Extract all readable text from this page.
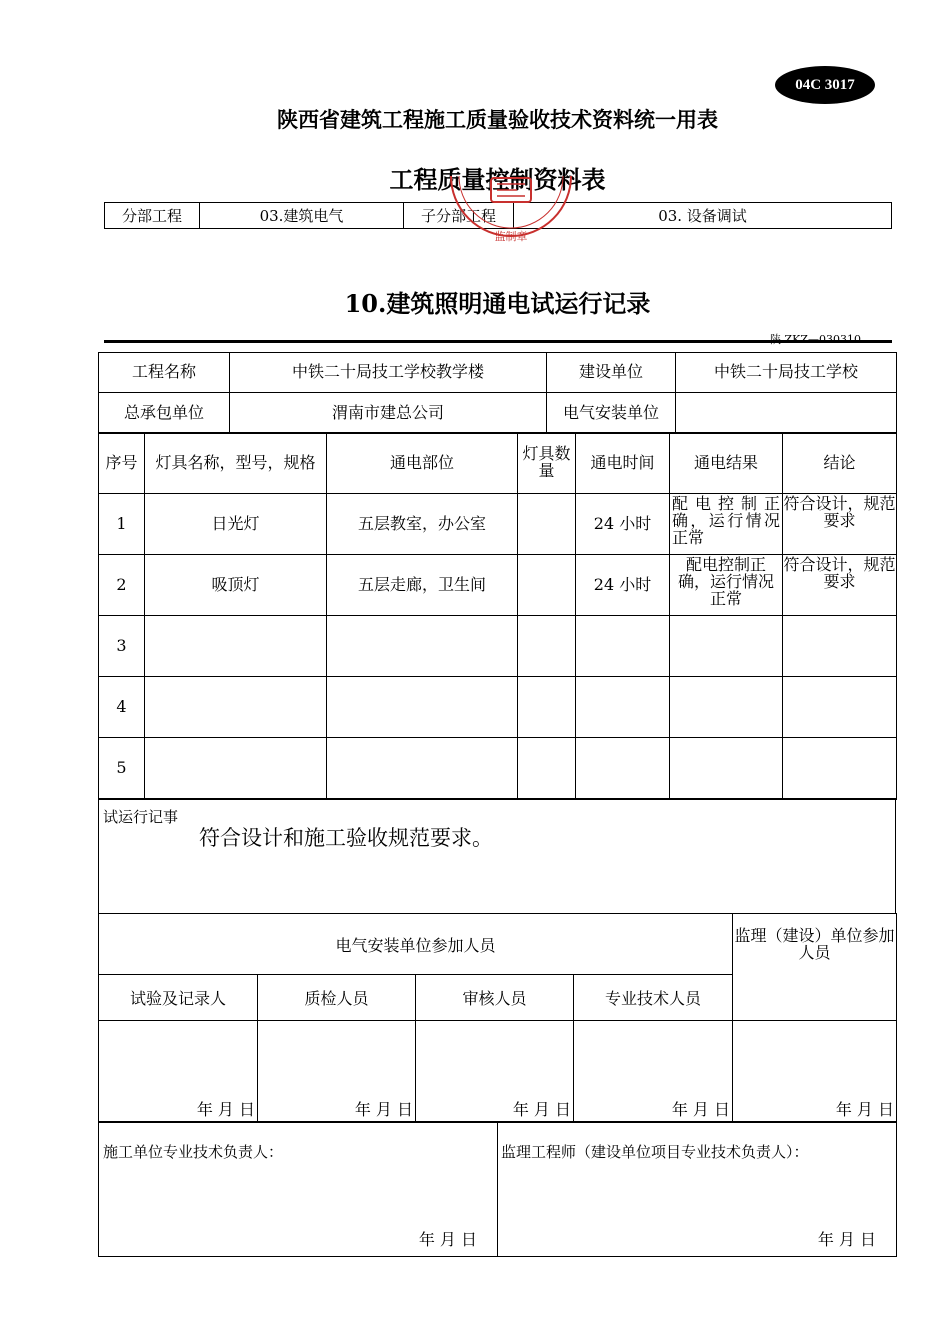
04C 3017
陕西省建筑工程施工质量验收技术资料统一用表
工程质量控制资料表
分部工程	03.建筑电气	子分部工程	03. 设备调试
监制章
10.建筑照明通电试运行记录
工程名称	中铁二十局技工学校教学楼	建设单位	中铁二十局技工学校
总承包单位	渭南市建总公司	电气安装单位	
序号	灯具名称，型号，规格	通电部位	灯具数量	通电时间	通电结果	结论
1	日光灯	五层教室，办公室		24 小时	配电控制正确，运行情况正常	符合设计，规范要求
2	吸顶灯	五层走廊，卫生间		24 小时	配电控制正确，运行情况正常	符合设计，规范要求
3						
4						
5						
试运行记事
符合设计和施工验收规范要求。
电气安装单位参加人员				监理（建设）单位参加人员
试验及记录人	质检人员	审核人员	专业技术人员	
年 月 日	年 月 日	年 月 日	年 月 日	年 月 日
施工单位专业技术负责人：
年 月 日

监理工程师（建设单位项目专业技术负责人）：
年 月 日
